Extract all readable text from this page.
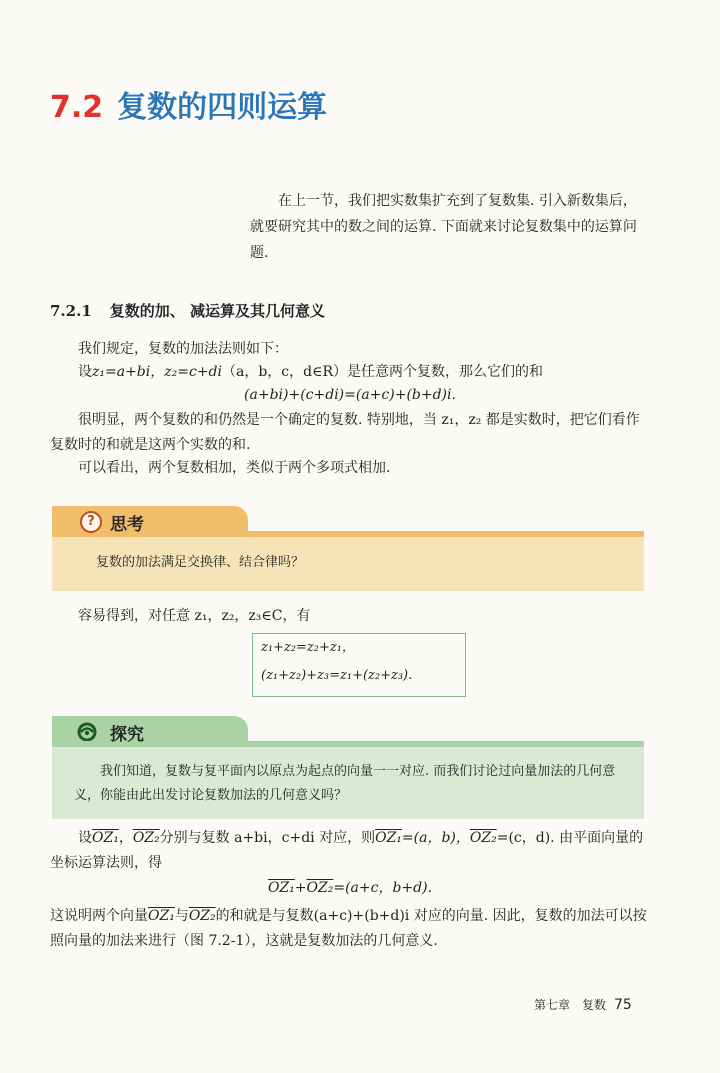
7.2 复数的四则运算

在上一节，我们把实数集扩充到了复数集. 引入新数集后，就要研究其中的数之间的运算. 下面就来讨论复数集中的运算问题.

7.2.1 复数的加、 减运算及其几何意义

我们规定，复数的加法法则如下：

设z₁=a+bi，z₂=c+di（a，b，c，d∈R）是任意两个复数，那么它们的和

(a+bi)+(c+di)=(a+c)+(b+d)i.

很明显，两个复数的和仍然是一个确定的复数. 特别地，当 z₁，z₂ 都是实数时，把它们看作复数时的和就是这两个实数的和.

可以看出，两个复数相加，类似于两个多项式相加.

? 思考
复数的加法满足交换律、结合律吗？

容易得到，对任意 z₁，z₂，z₃∈C，有

z₁+z₂=z₂+z₁，
(z₁+z₂)+z₃=z₁+(z₂+z₃).
探究
我们知道，复数与复平面内以原点为起点的向量一一对应. 而我们讨论过向量加法的几何意义，你能由此出发讨论复数加法的几何意义吗？

设OZ₁，OZ₂分别与复数 a+bi，c+di 对应，则OZ₁=(a，b)，OZ₂=(c，d). 由平面向量的坐标运算法则，得

OZ₁+OZ₂=(a+c，b+d).

这说明两个向量OZ₁与OZ₂的和就是与复数(a+c)+(b+d)i 对应的向量. 因此，复数的加法可以按照向量的加法来进行（图 7.2-1），这就是复数加法的几何意义.

第七章　复数 75
